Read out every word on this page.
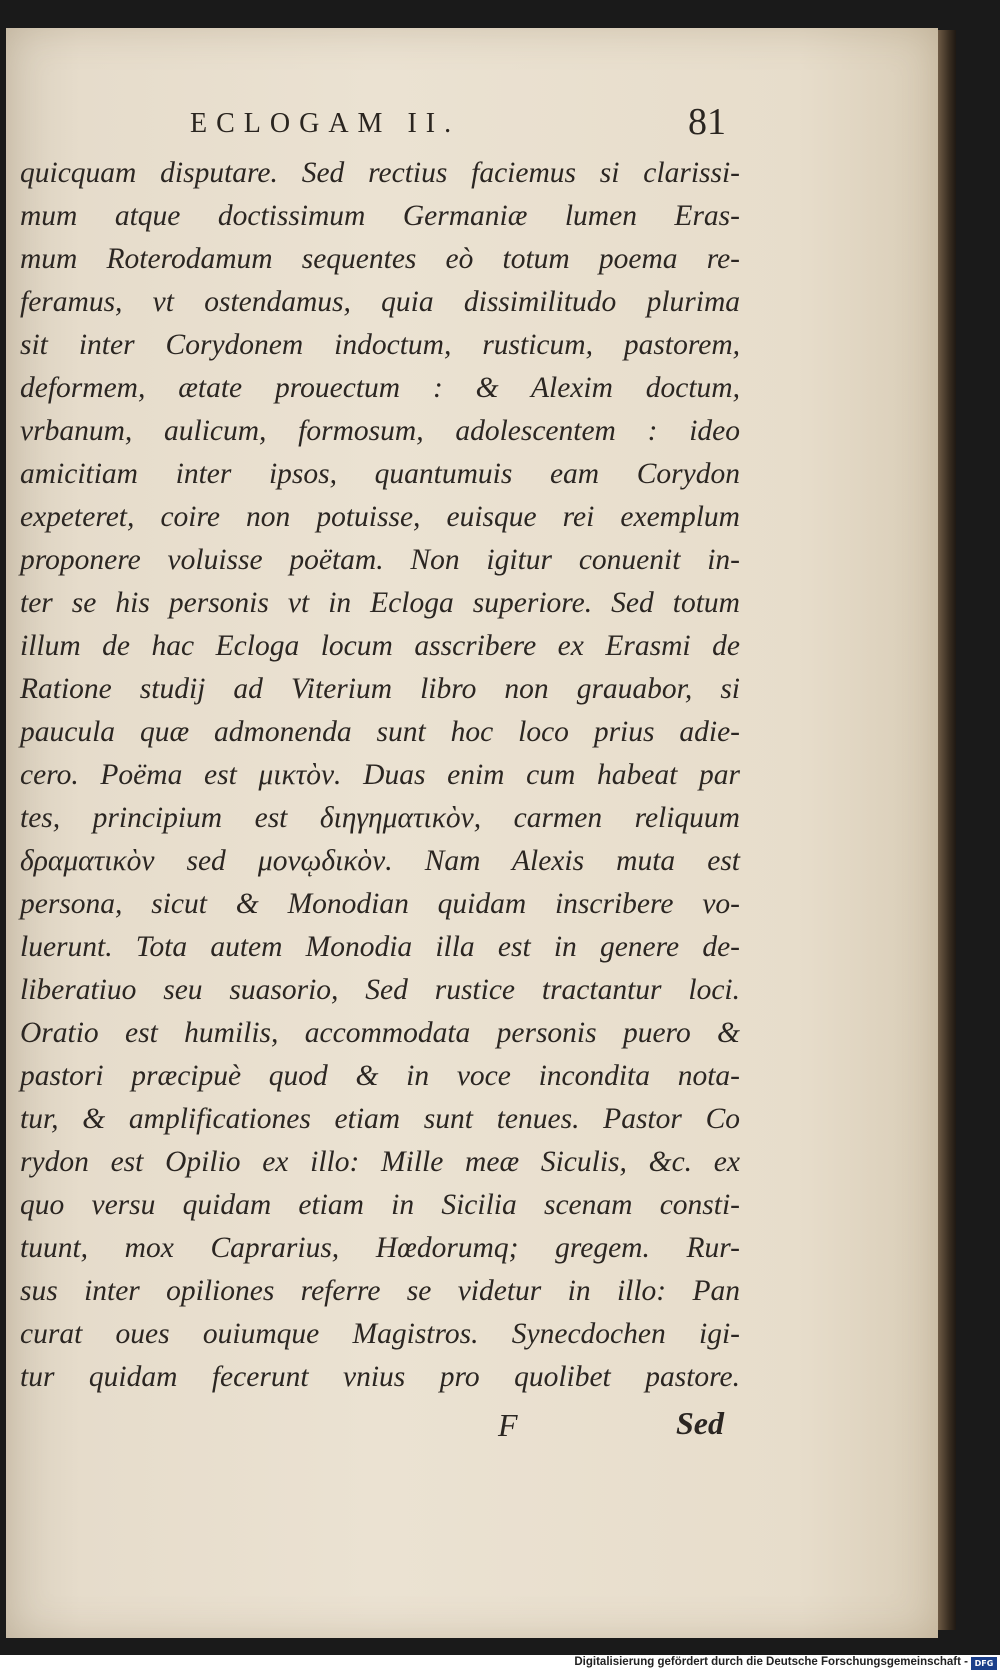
ECLOGAM II.	81
quicquam disputare. Sed rectius faciemus si clarissi-
mum atque doctissimum Germaniæ lumen Eras-
mum Roterodamum sequentes eò totum poema re-
feramus, vt ostendamus, quia dissimilitudo plurima
sit inter Corydonem indoctum, rusticum, pastorem,
deformem, ætate prouectum : & Alexim doctum,
vrbanum, aulicum, formosum, adolescentem : ideo
amicitiam inter ipsos, quantumuis eam Corydon
expeteret, coire non potuisse, euisque rei exemplum
proponere voluisse poëtam. Non igitur conuenit in-
ter se his personis vt in Ecloga superiore. Sed totum
illum de hac Ecloga locum asscribere ex Erasmi de
Ratione studij ad Viterium libro non grauabor, si
paucula quæ admonenda sunt hoc loco prius adie-
cero. Poëma est μικτὸν. Duas enim cum habeat par
tes, principium est διηγηματικὸν, carmen reliquum
δραματικὸν sed μονῳδικὸν. Nam Alexis muta est
persona, sicut & Monodian quidam inscribere vo-
luerunt. Tota autem Monodia illa est in genere de-
liberatiuo seu suasorio, Sed rustice tractantur loci.
Oratio est humilis, accommodata personis puero &
pastori præcipuè quod & in voce incondita nota-
tur, & amplificationes etiam sunt tenues. Pastor Co
rydon est Opilio ex illo: Mille meæ Siculis, &c. ex
quo versu quidam etiam in Sicilia scenam consti-
tuunt, mox Caprarius, Hœdorumq; gregem. Rur-
sus inter opiliones referre se videtur in illo: Pan
curat oues ouiumque Magistros. Synecdochen igi-
tur quidam fecerunt vnius pro quolibet pastore.
F	Sed
Digitalisierung gefördert durch die Deutsche Forschungsgemeinschaft - DFG
